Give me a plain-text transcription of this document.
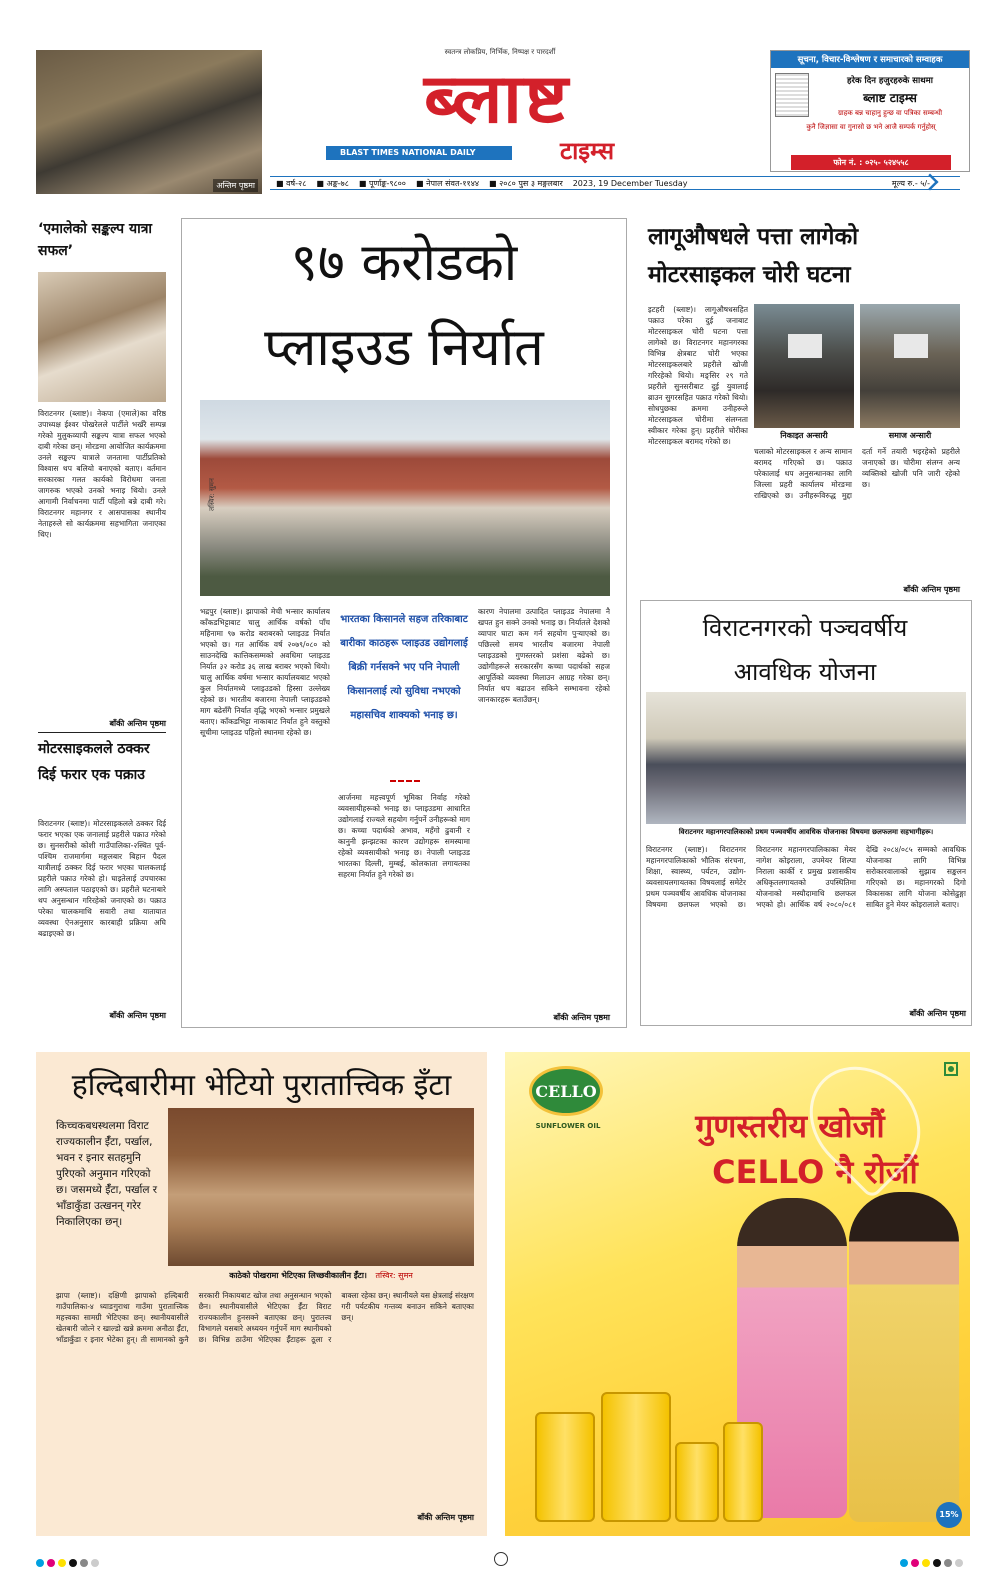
अन्तिम पृष्ठमा
स्वतन्त्र लोकप्रिय, निर्भिक, निष्पक्ष र पारदर्शी
ब्लाष्ट
BLAST TIMES NATIONAL DAILY	टाइम्स
सूचना, विचार-विश्लेषण र समाचारको सम्वाहक
हरेक दिन हजुरहरुके साथमा
ब्लाष्ट टाइम्स
ग्राहक बन्न चाहानु हुन्छ वा पत्रिका सम्बन्धी
कुनै जिज्ञासा वा गुनासो छ भने आजै सम्पर्क गर्नुहोस्
फोन नं. : ०२५- ५२४५५८
■ वर्ष-२८ ■ अङ्क-७८ ■ पूर्णाङ्क-९८०० ■ नेपाल संवत-११४४ ■ २०८० पुस ३ मङ्गलबार 2023, 19 December Tuesday	मूल्य रु.- ५/-
‘एमालेको सङ्कल्प यात्रा सफल’
विराटनगर (ब्लाष्ट)। नेकपा (एमाले)का वरिष्ठ उपाध्यक्ष ईश्वर पोखरेलले पार्टीले भर्खरै सम्पन्न गरेको मुलुकव्यापी सङ्कल्प यात्रा सफल भएको दाबी गरेका छन्। मोरङमा आयोजित कार्यक्रममा उनले सङ्कल्प यात्राले जनतामा पार्टीप्रतिको विश्वास थप बलियो बनाएको बताए। वर्तमान सरकारका गलत कार्यको विरोधमा जनता जागरुक भएको उनको भनाइ थियो। उनले आगामी निर्वाचनमा पार्टी पहिलो बन्ने दाबी गरे। विराटनगर महानगर र आसपासका स्थानीय नेताहरुले सो कार्यक्रममा सहभागिता जनाएका थिए।
बाँकी अन्तिम पृष्ठमा
मोटरसाइकलले ठक्कर दिई फरार एक पक्राउ
विराटनगर (ब्लाष्ट)। मोटरसाइकलले ठक्कर दिई फरार भएका एक जनालाई प्रहरीले पक्राउ गरेको छ। सुनसरीको कोशी गाउँपालिका-२स्थित पूर्व-पश्चिम राजमार्गमा मङ्गलबार बिहान पैदल यात्रीलाई ठक्कर दिई फरार भएका चालकलाई प्रहरीले पक्राउ गरेको हो। घाइतेलाई उपचारका लागि अस्पताल पठाइएको छ। प्रहरीले घटनाबारे थप अनुसन्धान गरिरहेको जनाएको छ। पक्राउ परेका चालकमाथि सवारी तथा यातायात व्यवस्था ऐनअनुसार कारबाही प्रक्रिया अघि बढाइएको छ।
बाँकी अन्तिम पृष्ठमा
९७ करोडको
प्लाइउड निर्यात
तस्विर: सुमन
भद्रपुर (ब्लाष्ट)। झापाको मेची भन्सार कार्यालय काँकडभिट्टाबाट चालु आर्थिक वर्षको पाँच महिनामा ९७ करोड बराबरको प्लाइउड निर्यात भएको छ। गत आर्थिक वर्ष २०७९/०८० को साउनदेखि कात्तिकसम्मको अवधिमा प्लाइउड निर्यात ३२ करोड ३६ लाख बराबर भएको थियो। चालु आर्थिक वर्षमा भन्सार कार्यालयबाट भएको कुल निर्यातमध्ये प्लाइउडको हिस्सा उल्लेख्य रहेको छ। भारतीय बजारमा नेपाली प्लाइउडको माग बढेसँगै निर्यात वृद्धि भएको भन्सार प्रमुखले बताए। काँकडभिट्टा नाकाबाट निर्यात हुने वस्तुको सूचीमा प्लाइउड पहिलो स्थानमा रहेको छ।
भारतका किसानले सहज तरिकाबाट बारीका काठहरू प्लाइउड उद्योगलाई बिक्री गर्नसक्ने भए पनि नेपाली किसानलाई त्यो सुविधा नभएको महासचिव शाक्यको भनाइ छ।
आर्जनमा महत्त्वपूर्ण भूमिका निर्वाह गरेको व्यवसायीहरूको भनाइ छ। प्लाइउडमा आधारित उद्योगलाई राज्यले सहयोग गर्नुपर्ने उनीहरूको माग छ। कच्चा पदार्थको अभाव, महँगो ढुवानी र कानुनी झन्झटका कारण उद्योगहरू समस्यामा रहेको व्यवसायीको भनाइ छ। नेपाली प्लाइउड भारतका दिल्ली, मुम्बई, कोलकाता लगायतका सहरमा निर्यात हुने गरेको छ।
कारण नेपालमा उत्पादित प्लाइउड नेपालमा नै खपत हुन सक्ने उनको भनाइ छ। निर्यातले देशको व्यापार घाटा कम गर्न सहयोग पुर्‍याएको छ। पछिल्लो समय भारतीय बजारमा नेपाली प्लाइउडको गुणस्तरको प्रशंसा बढेको छ। उद्योगीहरूले सरकारसँग कच्चा पदार्थको सहज आपूर्तिको व्यवस्था मिलाउन आग्रह गरेका छन्। निर्यात थप बढाउन सकिने सम्भावना रहेको जानकारहरू बताउँछन्।
बाँकी अन्तिम पृष्ठमा
लागूऔषधले पत्ता लागेको मोटरसाइकल चोरी घटना
इटहरी (ब्लाष्ट)। लागूऔषधसहित पक्राउ परेका दुई जनाबाट मोटरसाइकल चोरी घटना पत्ता लागेको छ। विराटनगर महानगरका विभिन्न क्षेत्रबाट चोरी भएका मोटरसाइकलबारे प्रहरीले खोजी गरिरहेको थियो। मङ्सिर २९ गते प्रहरीले सुनसरीबाट दुई युवालाई ब्राउन सुगरसहित पक्राउ गरेको थियो। सोधपुछका क्रममा उनीहरूले मोटरसाइकल चोरीमा संलग्नता स्वीकार गरेका हुन्। प्रहरीले चोरीका मोटरसाइकल बरामद गरेको छ।
निकाइत अन्सारी	समाज अन्सारी
चलाको मोटरसाइकल र अन्य सामान बरामद गरिएको छ। पक्राउ परेकालाई थप अनुसन्धानका लागि जिल्ला प्रहरी कार्यालय मोरङमा राखिएको छ। उनीहरूविरुद्ध मुद्दा दर्ता गर्ने तयारी भइरहेको प्रहरीले जनाएको छ। चोरीमा संलग्न अन्य व्यक्तिको खोजी पनि जारी रहेको छ।
बाँकी अन्तिम पृष्ठमा
विराटनगरको पञ्चवर्षीय आवधिक योजना
विराटनगर महानगरपालिकाको प्रथम पञ्चवर्षीय आवधिक योजनाका विषयमा छलफलमा सहभागीहरू।
विराटनगर (ब्लाष्ट)। विराटनगर महानगरपालिकाको भौतिक संरचना, शिक्षा, स्वास्थ्य, पर्यटन, उद्योग-व्यवसायलगायतका विषयलाई समेटेर प्रथम पञ्चवर्षीय आवधिक योजनाका विषयमा छलफल भएको छ। विराटनगर महानगरपालिकाका मेयर नागेश कोइराला, उपमेयर शिल्पा निराला कार्की र प्रमुख प्रशासकीय अधिकृतलगायतको उपस्थितिमा योजनाको मस्यौदामाथि छलफल भएको हो। आर्थिक वर्ष २०८०/०८१ देखि २०८४/०८५ सम्मको आवधिक योजनाका लागि विभिन्न सरोकारवालाको सुझाव सङ्कलन गरिएको छ। महानगरको दिगो विकासका लागि योजना कोसेढुङ्गा साबित हुने मेयर कोइरालाले बताए।
बाँकी अन्तिम पृष्ठमा
हल्दिबारीमा भेटियो पुरातात्त्विक इँटा
किच्चकबधस्थलमा विराट राज्यकालीन ईँटा, पर्खाल, भवन र इनार सतहमुनि पुरिएको अनुमान गरिएको छ। जसमध्ये ईँटा, पर्खाल र भाँडाकुँडा उत्खनन् गरेर निकालिएका छन्।
काठेको पोखरामा भेटिएका लिच्छवीकालीन ईँटा। तस्विर: सुमन
झापा (ब्लाष्ट)। दक्षिणी झापाको हल्दिबारी गाउँपालिका-४ ध्याङगुराथा गाउँमा पुरातात्त्विक महत्त्वका सामग्री भेटिएका छन्। स्थानीयवासीले खेतबारी जोत्ने र खाल्डो खन्ने क्रममा अनौठा ईँटा, भाँडाकुँडा र इनार भेटेका हुन्। ती सामानको कुनै सरकारी निकायबाट खोज तथा अनुसन्धान भएको छैन। स्थानीयवासीले भेटिएका ईँटा विराट राज्यकालीन हुनसक्ने बताएका छन्। पुरातत्त्व विभागले यसबारे अध्ययन गर्नुपर्ने माग स्थानीयको छ। विभिन्न ठाउँमा भेटिएका ईँटाहरू ठूला र बाक्ला रहेका छन्। स्थानीयले यस क्षेत्रलाई संरक्षण गरी पर्यटकीय गन्तव्य बनाउन सकिने बताएका छन्।
बाँकी अन्तिम पृष्ठमा
CELLO
SUNFLOWER OIL	गुणस्तरीय खोजौं
CELLO नै रोजौं
15%
